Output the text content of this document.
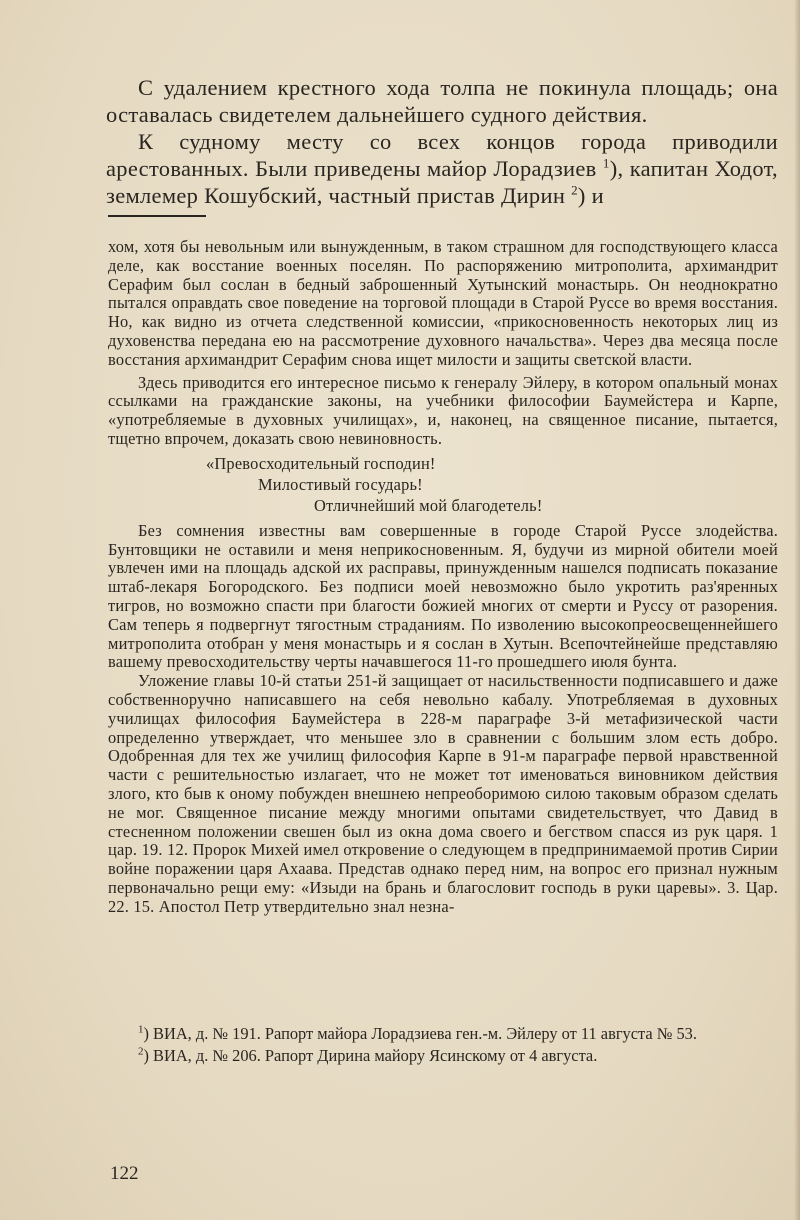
С удалением крестного хода толпа не покинула площадь; она оставалась свидетелем дальнейшего судного действия.

К судному месту со всех концов города приводили арестованных. Были приведены майор Лорадзиев $^1$), капитан Ходот, землемер Кошубский, частный пристав Дирин $^2$) и

хом, хотя бы невольным или вынужденным, в таком страшном для господствующего класса деле, как восстание военных поселян. По распоряжению митрополита, архимандрит Серафим был сослан в бедный заброшенный Хутынский монастырь. Он неоднократно пытался оправдать свое поведение на торговой площади в Старой Руссе во время восстания. Но, как видно из отчета следственной комиссии, «прикосновенность некоторых лиц из духовенства передана ею на рассмотрение духовного начальства». Через два месяца после восстания архимандрит Серафим снова ищет милости и защиты светской власти.

Здесь приводится его интересное письмо к генералу Эйлеру, в котором опальный монах ссылками на гражданские законы, на учебники философии Баумейстера и Карпе, «употребляемые в духовных училищах», и, наконец, на священное писание, пытается, тщетно впрочем, доказать свою невиновность.

«Превосходительный господин!
Милостивый государь!
Отличнейший мой благодетель!

Без сомнения известны вам совершенные в городе Старой Руссе злодейства. Бунтовщики не оставили и меня неприкосновенным. Я, будучи из мирной обители моей увлечен ими на площадь адской их расправы, принужденным нашелся подписать показание штаб-лекаря Богородского. Без подписи моей невозможно было укротить раз'яренных тигров, но возможно спасти при благости божией многих от смерти и Руссу от разорения. Сам теперь я подвергнут тягостным страданиям. По изволению высокопреосвещеннейшего митрополита отобран у меня монастырь и я сослан в Хутын. Всепочтейнейше представляю вашему превосходительству черты начавшегося 11-го прошедшего июля бунта.

Уложение главы 10-й статьи 251-й защищает от насильственности подписавшего и даже собственноручно написавшего на себя невольно кабалу. Употребляемая в духовных училищах философия Баумейстера в 228-м параграфе 3-й метафизической части определенно утверждает, что меньшее зло в сравнении с большим злом есть добро. Одобренная для тех же училищ философия Карпе в 91-м параграфе первой нравственной части с решительностью излагает, что не может тот именоваться виновником действия злого, кто быв к оному побужден внешнею непреоборимою силою таковым образом сделать не мог. Священное писание между многими опытами свидетельствует, что Давид в стесненном положении свешен был из окна дома своего и бегством спасся из рук царя. 1 цар. 19. 12. Пророк Михей имел откровение о следующем в предпринимаемой против Сирии войне поражении царя Ахаава. Представ однако перед ним, на вопрос его признал нужным первоначально рещи ему: «Изыди на брань и благословит господь в руки царевы». 3. Цар. 22. 15. Апостол Петр утвердительно знал незна-

$^1$) ВИА, д. № 191. Рапорт майора Лорадзиева ген.-м. Эйлеру от 11 августа № 53.

$^2$) ВИА, д. № 206. Рапорт Дирина майору Ясинскому от 4 августа.

122
